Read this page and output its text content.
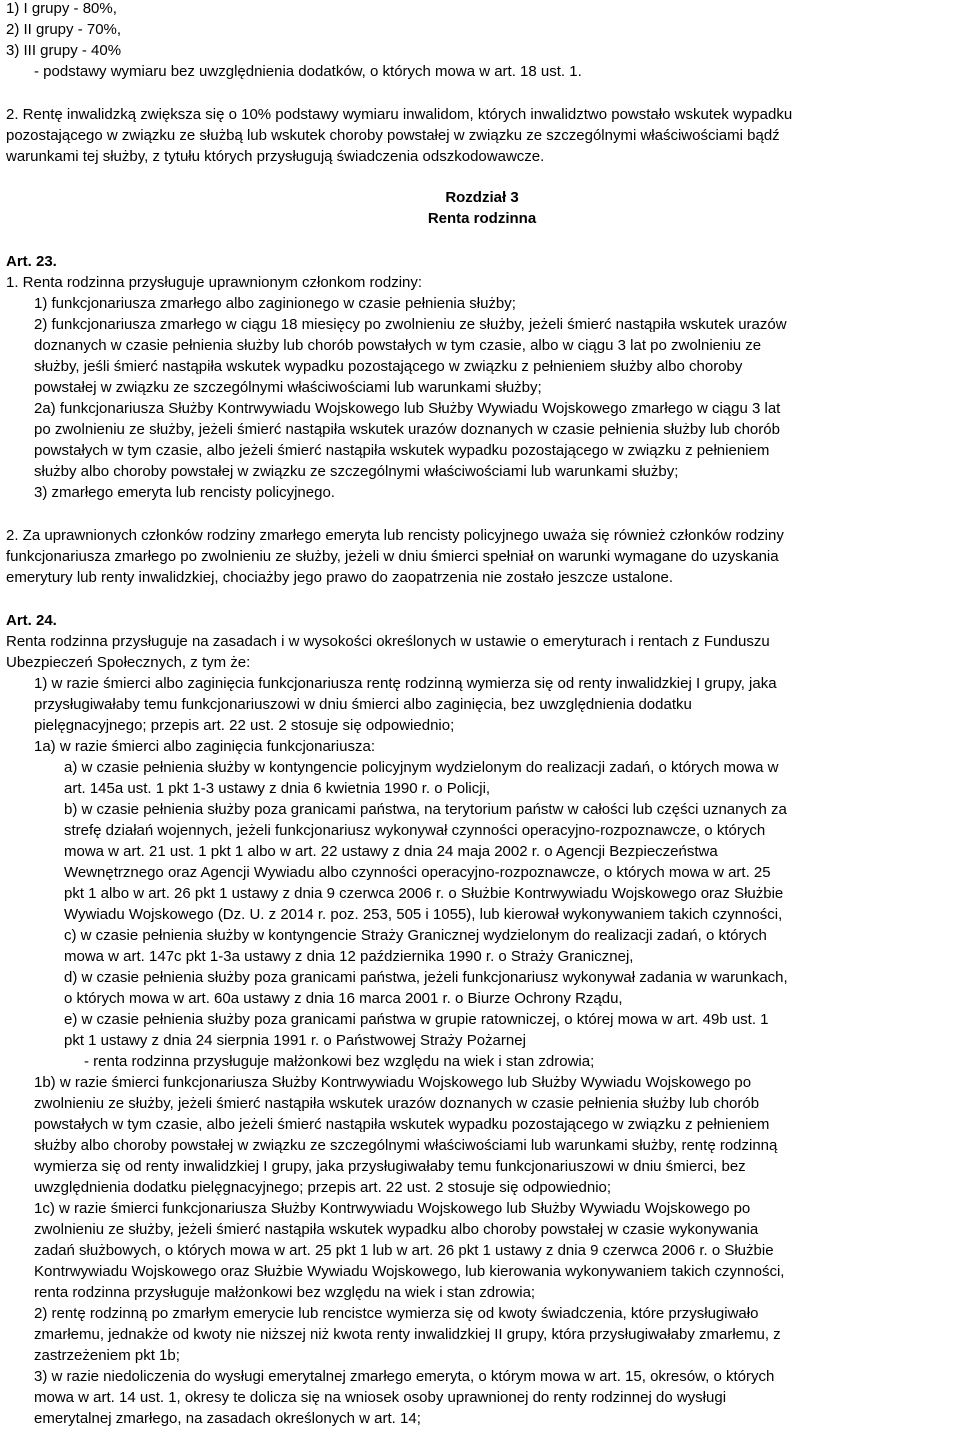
1) I grupy - 80%,
2) II grupy - 70%,
3) III grupy - 40%
- podstawy wymiaru bez uwzględnienia dodatków, o których mowa w art. 18 ust. 1.
2. Rentę inwalidzką zwiększa się o 10% podstawy wymiaru inwalidom, których inwalidztwo powstało wskutek wypadku
pozostającego w związku ze służbą lub wskutek choroby powstałej w związku ze szczególnymi właściwościami bądź
warunkami tej służby, z tytułu których przysługują świadczenia odszkodowawcze.
Rozdział 3
Renta rodzinna
Art. 23.
1. Renta rodzinna przysługuje uprawnionym członkom rodziny:
1) funkcjonariusza zmarłego albo zaginionego w czasie pełnienia służby;
2) funkcjonariusza zmarłego w ciągu 18 miesięcy po zwolnieniu ze służby, jeżeli śmierć nastąpiła wskutek urazów
doznanych w czasie pełnienia służby lub chorób powstałych w tym czasie, albo w ciągu 3 lat po zwolnieniu ze
służby, jeśli śmierć nastąpiła wskutek wypadku pozostającego w związku z pełnieniem służby albo choroby
powstałej w związku ze szczególnymi właściwościami lub warunkami służby;
2a) funkcjonariusza Służby Kontrwywiadu Wojskowego lub Służby Wywiadu Wojskowego zmarłego w ciągu 3 lat
po zwolnieniu ze służby, jeżeli śmierć nastąpiła wskutek urazów doznanych w czasie pełnienia służby lub chorób
powstałych w tym czasie, albo jeżeli śmierć nastąpiła wskutek wypadku pozostającego w związku z pełnieniem
służby albo choroby powstałej w związku ze szczególnymi właściwościami lub warunkami służby;
3) zmarłego emeryta lub rencisty policyjnego.
2. Za uprawnionych członków rodziny zmarłego emeryta lub rencisty policyjnego uważa się również członków rodziny
funkcjonariusza zmarłego po zwolnieniu ze służby, jeżeli w dniu śmierci spełniał on warunki wymagane do uzyskania
emerytury lub renty inwalidzkiej, chociażby jego prawo do zaopatrzenia nie zostało jeszcze ustalone.
Art. 24.
Renta rodzinna przysługuje na zasadach i w wysokości określonych w ustawie o emeryturach i rentach z Funduszu
Ubezpieczeń Społecznych, z tym że:
1) w razie śmierci albo zaginięcia funkcjonariusza rentę rodzinną wymierza się od renty inwalidzkiej I grupy, jaka
przysługiwałaby temu funkcjonariuszowi w dniu śmierci albo zaginięcia, bez uwzględnienia dodatku
pielęgnacyjnego; przepis art. 22 ust. 2 stosuje się odpowiednio;
1a) w razie śmierci albo zaginięcia funkcjonariusza:
a) w czasie pełnienia służby w kontyngencie policyjnym wydzielonym do realizacji zadań, o których mowa w
art. 145a ust. 1 pkt 1-3 ustawy z dnia 6 kwietnia 1990 r. o Policji,
b) w czasie pełnienia służby poza granicami państwa, na terytorium państw w całości lub części uznanych za
strefę działań wojennych, jeżeli funkcjonariusz wykonywał czynności operacyjno-rozpoznawcze, o których
mowa w art. 21 ust. 1 pkt 1 albo w art. 22 ustawy z dnia 24 maja 2002 r. o Agencji Bezpieczeństwa
Wewnętrznego oraz Agencji Wywiadu albo czynności operacyjno-rozpoznawcze, o których mowa w art. 25
pkt 1 albo w art. 26 pkt 1 ustawy z dnia 9 czerwca 2006 r. o Służbie Kontrwywiadu Wojskowego oraz Służbie
Wywiadu Wojskowego (Dz. U. z 2014 r. poz. 253, 505 i 1055), lub kierował wykonywaniem takich czynności,
c) w czasie pełnienia służby w kontyngencie Straży Granicznej wydzielonym do realizacji zadań, o których
mowa w art. 147c pkt 1-3a ustawy z dnia 12 października 1990 r. o Straży Granicznej,
d) w czasie pełnienia służby poza granicami państwa, jeżeli funkcjonariusz wykonywał zadania w warunkach,
o których mowa w art. 60a ustawy z dnia 16 marca 2001 r. o Biurze Ochrony Rządu,
e) w czasie pełnienia służby poza granicami państwa w grupie ratowniczej, o której mowa w art. 49b ust. 1
pkt 1 ustawy z dnia 24 sierpnia 1991 r. o Państwowej Straży Pożarnej
- renta rodzinna przysługuje małżonkowi bez względu na wiek i stan zdrowia;
1b) w razie śmierci funkcjonariusza Służby Kontrwywiadu Wojskowego lub Służby Wywiadu Wojskowego po
zwolnieniu ze służby, jeżeli śmierć nastąpiła wskutek urazów doznanych w czasie pełnienia służby lub chorób
powstałych w tym czasie, albo jeżeli śmierć nastąpiła wskutek wypadku pozostającego w związku z pełnieniem
służby albo choroby powstałej w związku ze szczególnymi właściwościami lub warunkami służby, rentę rodzinną
wymierza się od renty inwalidzkiej I grupy, jaka przysługiwałaby temu funkcjonariuszowi w dniu śmierci, bez
uwzględnienia dodatku pielęgnacyjnego; przepis art. 22 ust. 2 stosuje się odpowiednio;
1c) w razie śmierci funkcjonariusza Służby Kontrwywiadu Wojskowego lub Służby Wywiadu Wojskowego po
zwolnieniu ze służby, jeżeli śmierć nastąpiła wskutek wypadku albo choroby powstałej w czasie wykonywania
zadań służbowych, o których mowa w art. 25 pkt 1 lub w art. 26 pkt 1 ustawy z dnia 9 czerwca 2006 r. o Służbie
Kontrwywiadu Wojskowego oraz Służbie Wywiadu Wojskowego, lub kierowania wykonywaniem takich czynności,
renta rodzinna przysługuje małżonkowi bez względu na wiek i stan zdrowia;
2) rentę rodzinną po zmarłym emerycie lub rencistce wymierza się od kwoty świadczenia, które przysługiwało
zmarłemu, jednakże od kwoty nie niższej niż kwota renty inwalidzkiej II grupy, która przysługiwałaby zmarłemu, z
zastrzeżeniem pkt 1b;
3) w razie niedoliczenia do wysługi emerytalnej zmarłego emeryta, o którym mowa w art. 15, okresów, o których
mowa w art. 14 ust. 1, okresy te dolicza się na wniosek osoby uprawnionej do renty rodzinnej do wysługi
emerytalnej zmarłego, na zasadach określonych w art. 14;
